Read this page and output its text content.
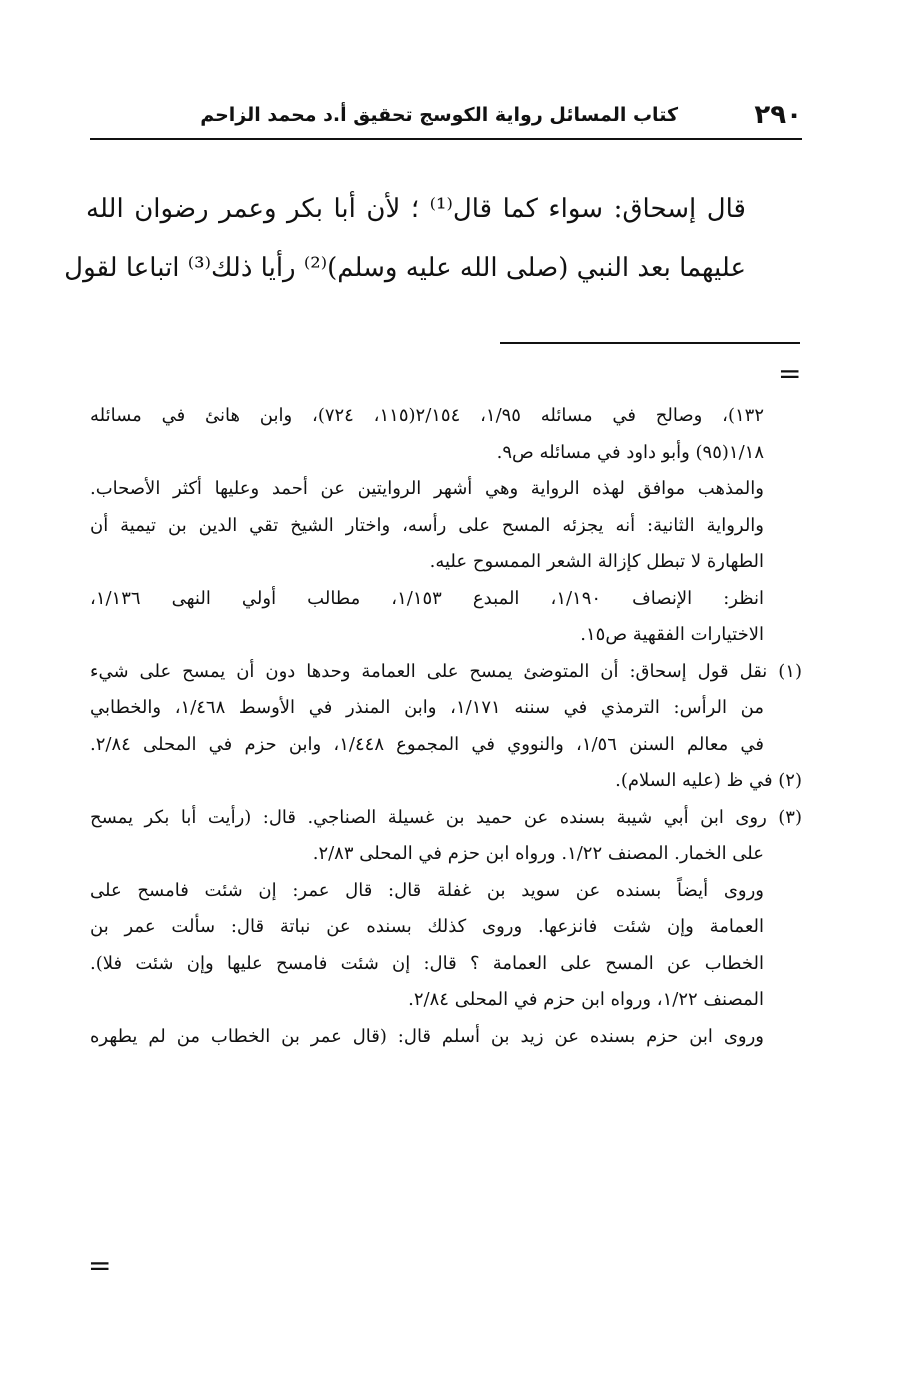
٢٩٠
كتاب المسائل رواية الكوسج تحقيق أ.د محمد الزاحم

قال إسحاق: سواء كما قال⁽¹⁾ ؛ لأن أبا بكر وعمر رضوان الله

عليهما بعد النبي (صلى الله عليه وسلم)⁽²⁾ رأيا ذلك⁽³⁾ اتباعا لقول

=

١٣٢)، وصالح في مسائله ١/٩٥، ٢/١٥٤(١١٥، ٧٢٤)، وابن هانئ في مسائله

١/١٨(٩٥) وأبو داود في مسائله ص٩.

والمذهب موافق لهذه الرواية وهي أشهر الروايتين عن أحمد وعليها أكثر الأصحاب.

والرواية الثانية: أنه يجزئه المسح على رأسه، واختار الشيخ تقي الدين بن تيمية أن

الطهارة لا تبطل كإزالة الشعر الممسوح عليه.

انظر: الإنصاف ١/١٩٠، المبدع ١/١٥٣، مطالب أولي النهى ١/١٣٦،

الاختيارات الفقهية ص١٥.

(١) نقل قول إسحاق: أن المتوضئ يمسح على العمامة وحدها دون أن يمسح على شيء

من الرأس: الترمذي في سننه ١/١٧١، وابن المنذر في الأوسط ١/٤٦٨، والخطابي

في معالم السنن ١/٥٦، والنووي في المجموع ١/٤٤٨، وابن حزم في المحلى ٢/٨٤.

(٢) في ظ (عليه السلام).

(٣) روى ابن أبي شيبة بسنده عن حميد بن غسيلة الصناجي. قال: (رأيت أبا بكر يمسح

على الخمار. المصنف ١/٢٢. ورواه ابن حزم في المحلى ٢/٨٣.

وروى أيضاً بسنده عن سويد بن غفلة قال: قال عمر: إن شئت فامسح على

العمامة وإن شئت فانزعها. وروى كذلك بسنده عن نباتة قال: سألت عمر بن

الخطاب عن المسح على العمامة ؟ قال: إن شئت فامسح عليها وإن شئت فلا).

المصنف ١/٢٢، ورواه ابن حزم في المحلى ٢/٨٤.

وروى ابن حزم بسنده عن زيد بن أسلم قال: (قال عمر بن الخطاب من لم يطهره

=
